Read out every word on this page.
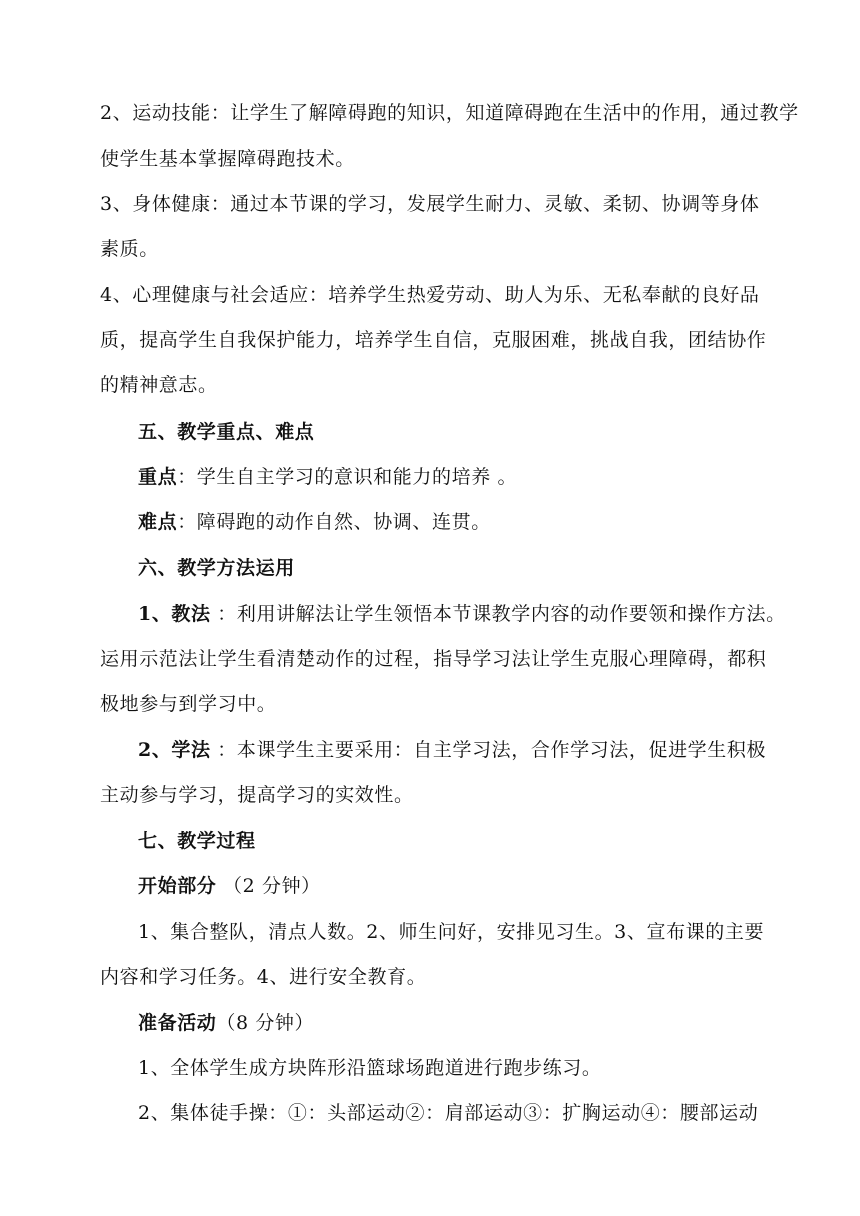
2、运动技能：让学生了解障碍跑的知识，知道障碍跑在生活中的作用，通过教学
使学生基本掌握障碍跑技术。
3、身体健康：通过本节课的学习，发展学生耐力、灵敏、柔韧、协调等身体
素质。
4、心理健康与社会适应：培养学生热爱劳动、助人为乐、无私奉献的良好品
质，提高学生自我保护能力，培养学生自信，克服困难，挑战自我，团结协作
的精神意志。
五、教学重点、难点
重点：学生自主学习的意识和能力的培养 。
难点：障碍跑的动作自然、协调、连贯。
六、教学方法运用
1、教法 ：利用讲解法让学生领悟本节课教学内容的动作要领和操作方法。
运用示范法让学生看清楚动作的过程，指导学习法让学生克服心理障碍，都积
极地参与到学习中。
2、学法 ：本课学生主要采用：自主学习法，合作学习法，促进学生积极
主动参与学习，提高学习的实效性。
七、教学过程
开始部分 （2 分钟）
1、集合整队，清点人数。2、师生问好，安排见习生。3、宣布课的主要
内容和学习任务。4、进行安全教育。
准备活动（8 分钟）
1、全体学生成方块阵形沿篮球场跑道进行跑步练习。
2、集体徒手操：①：头部运动②：肩部运动③：扩胸运动④：腰部运动
